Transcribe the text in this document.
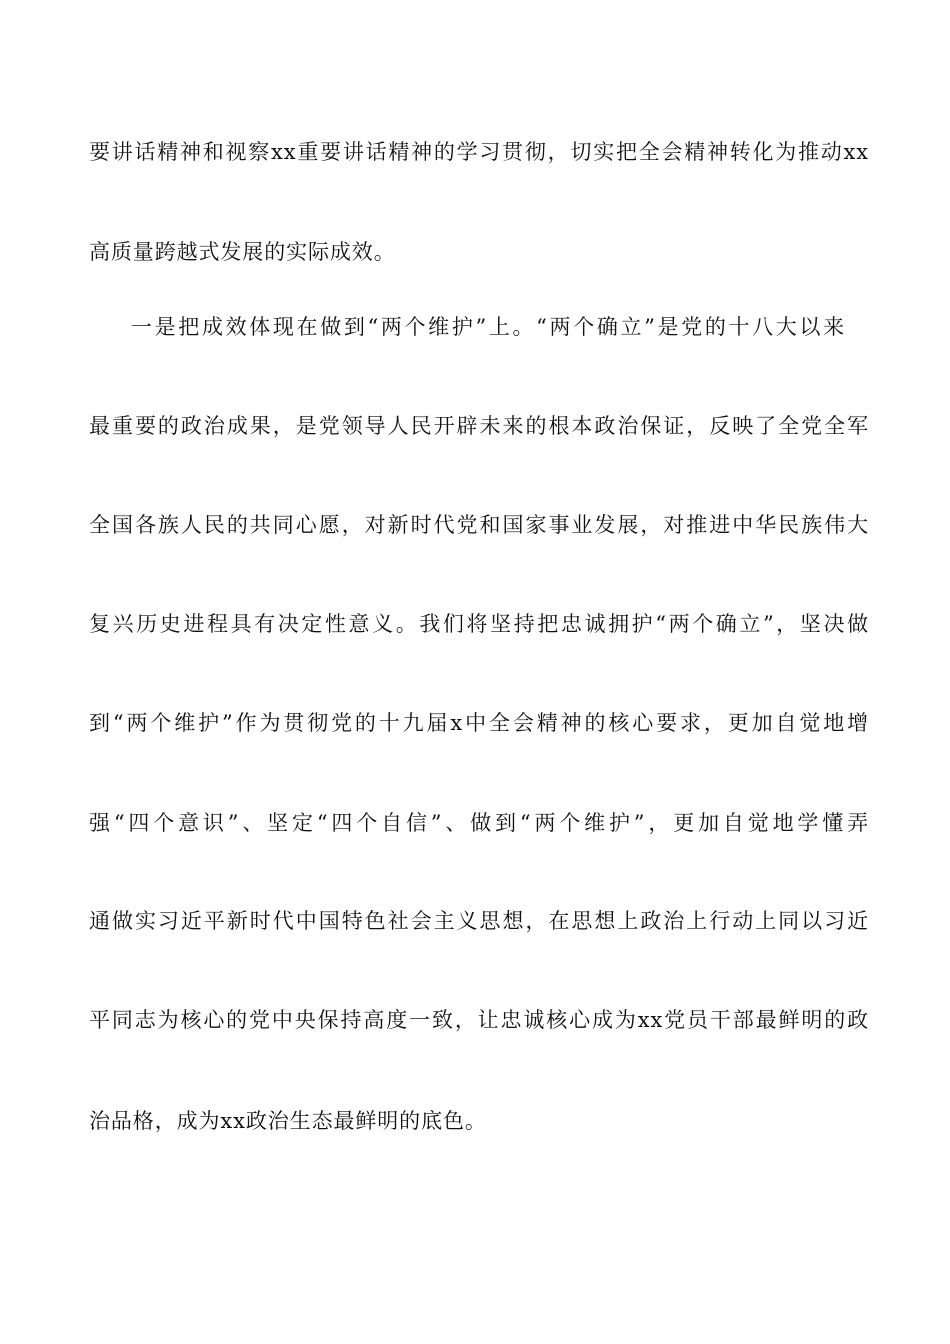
要讲话精神和视察xx重要讲话精神的学习贯彻，切实把全会精神转化为推动xx
高质量跨越式发展的实际成效。
一是把成效体现在做到“两个维护”上。“两个确立”是党的十八大以来
最重要的政治成果，是党领导人民开辟未来的根本政治保证，反映了全党全军
全国各族人民的共同心愿，对新时代党和国家事业发展，对推进中华民族伟大
复兴历史进程具有决定性意义。我们将坚持把忠诚拥护“两个确立”，坚决做
到“两个维护”作为贯彻党的十九届x中全会精神的核心要求，更加自觉地增
强“四个意识”、坚定“四个自信”、做到“两个维护”，更加自觉地学懂弄
通做实习近平新时代中国特色社会主义思想，在思想上政治上行动上同以习近
平同志为核心的党中央保持高度一致，让忠诚核心成为xx党员干部最鲜明的政
治品格，成为xx政治生态最鲜明的底色。
